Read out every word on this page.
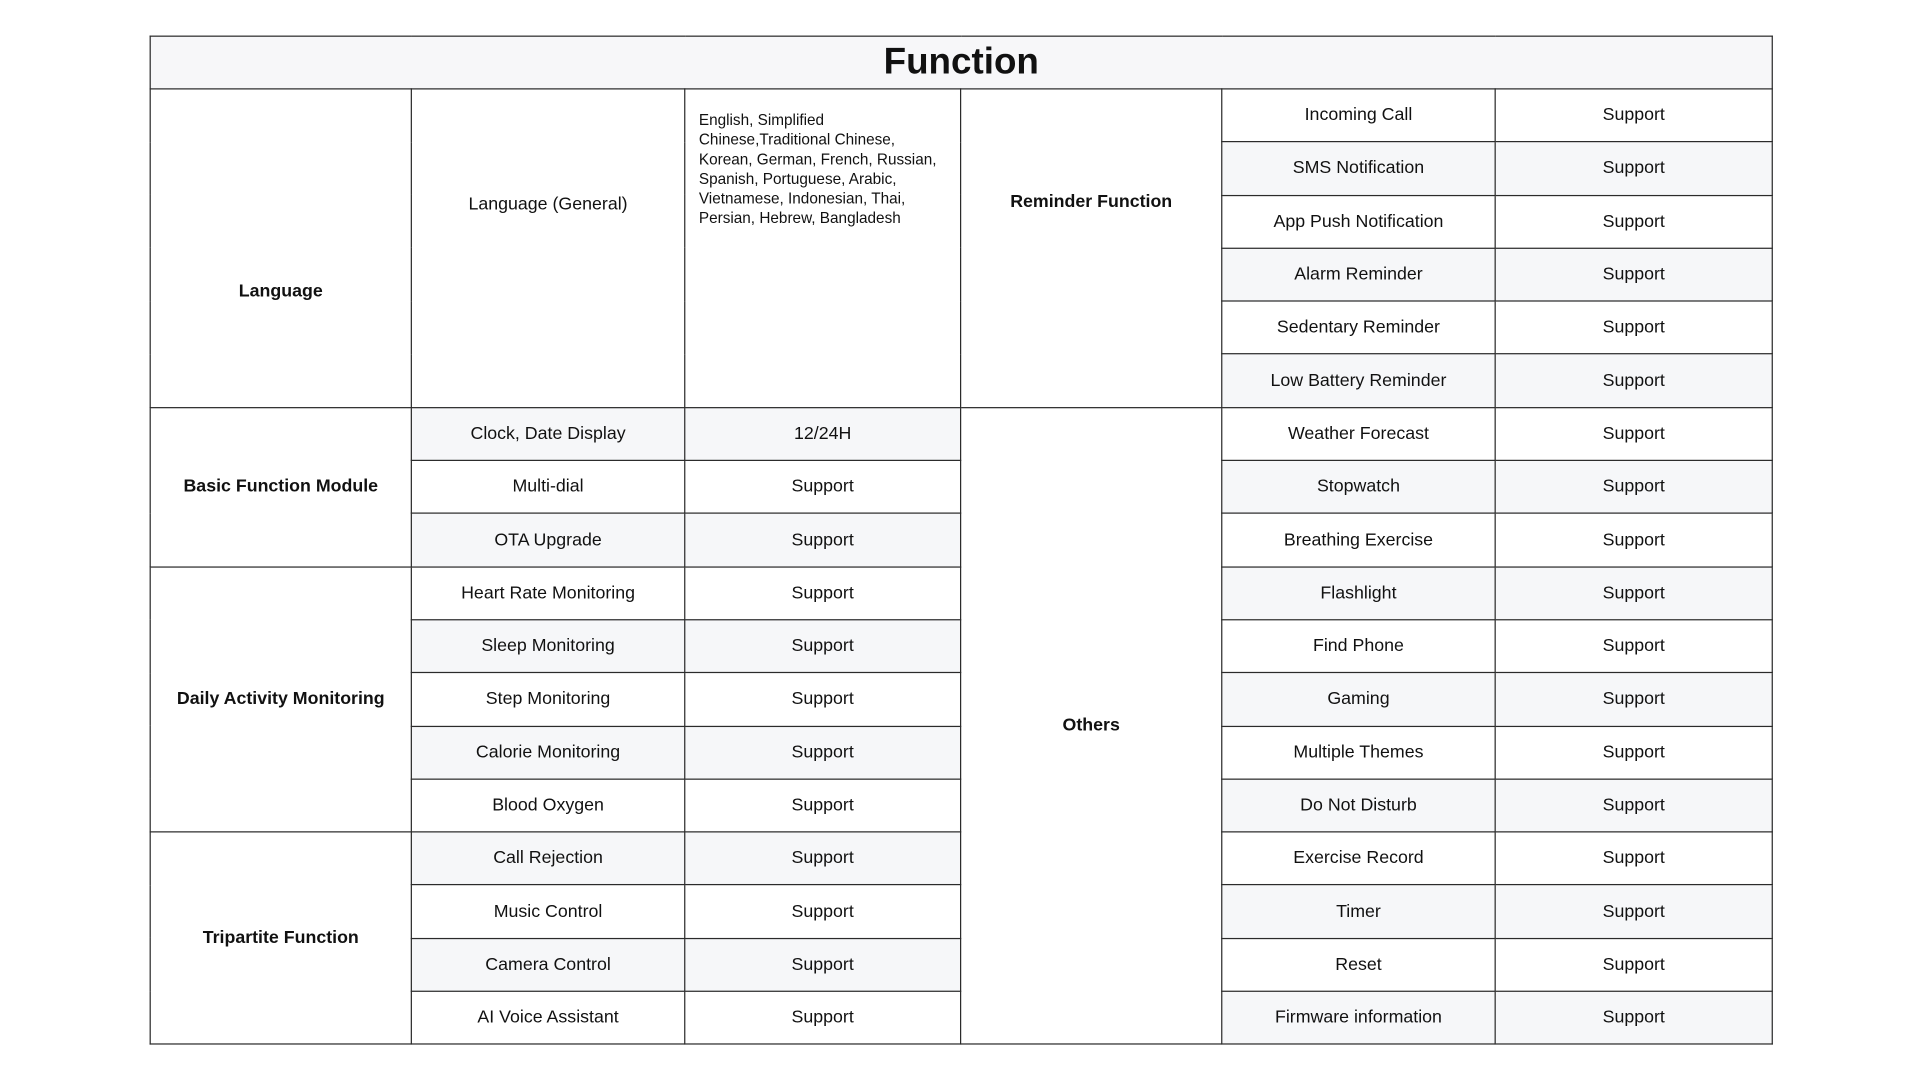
Function					

Language	Language (General)	English, Simplified Chinese,Traditional Chinese, Korean, German, French, Russian, Spanish, Portuguese, Arabic, Vietnamese, Indonesian, Thai, Persian, Hebrew, Bangladesh	Reminder Function	Incoming Call	Support
				SMS Notification	Support
				App Push Notification	Support
				Alarm Reminder	Support
				Sedentary Reminder	Support
				Low Battery Reminder	Support
Basic Function Module	Clock, Date Display	12/24H	Others	Weather Forecast	Support
	Multi-dial	Support		Stopwatch	Support
	OTA Upgrade	Support		Breathing Exercise	Support
Daily Activity Monitoring	Heart Rate Monitoring	Support		Flashlight	Support
	Sleep Monitoring	Support		Find Phone	Support
	Step Monitoring	Support		Gaming	Support
	Calorie Monitoring	Support		Multiple Themes	Support
	Blood Oxygen	Support		Do Not Disturb	Support
Tripartite Function	Call Rejection	Support		Exercise Record	Support
	Music Control	Support		Timer	Support
	Camera Control	Support		Reset	Support
	AI Voice Assistant	Support		Firmware information	Support
